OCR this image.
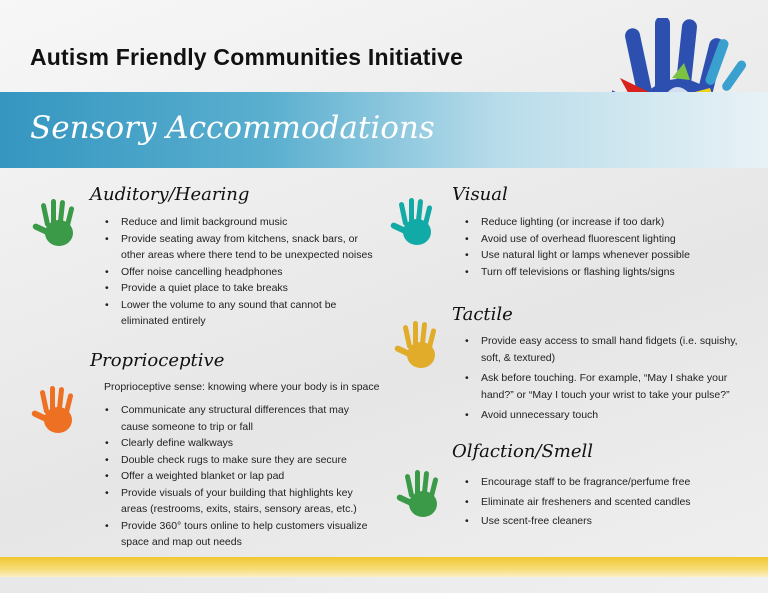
Autism Friendly Communities Initiative
Sensory Accommodations
Auditory/Hearing
• Reduce and limit background music
• Provide seating away from kitchens, snack bars, or other areas where there tend to be unexpected noises
• Offer noise cancelling headphones
• Provide a quiet place to take breaks
• Lower the volume to any sound that cannot be eliminated entirely
Proprioceptive
Proprioceptive sense: knowing where your body is in space
• Communicate any structural differences that may cause someone to trip or fall
• Clearly define walkways
• Double check rugs to make sure they are secure
• Offer a weighted blanket or lap pad
• Provide visuals of your building that highlights key areas (restrooms, exits, stairs, sensory areas, etc.)
• Provide 360° tours online to help customers visualize space and map out needs
Visual
• Reduce lighting (or increase if too dark)
• Avoid use of overhead fluorescent lighting
• Use natural light or lamps whenever possible
• Turn off televisions or flashing lights/signs
Tactile
• Provide easy access to small hand fidgets (i.e. squishy, soft, & textured)
• Ask before touching. For example, “May I shake your hand?” or “May I touch your wrist to take your pulse?”
• Avoid unnecessary touch
Olfaction/Smell
• Encourage staff to be fragrance/perfume free
• Eliminate air fresheners and scented candles
• Use scent-free cleaners
